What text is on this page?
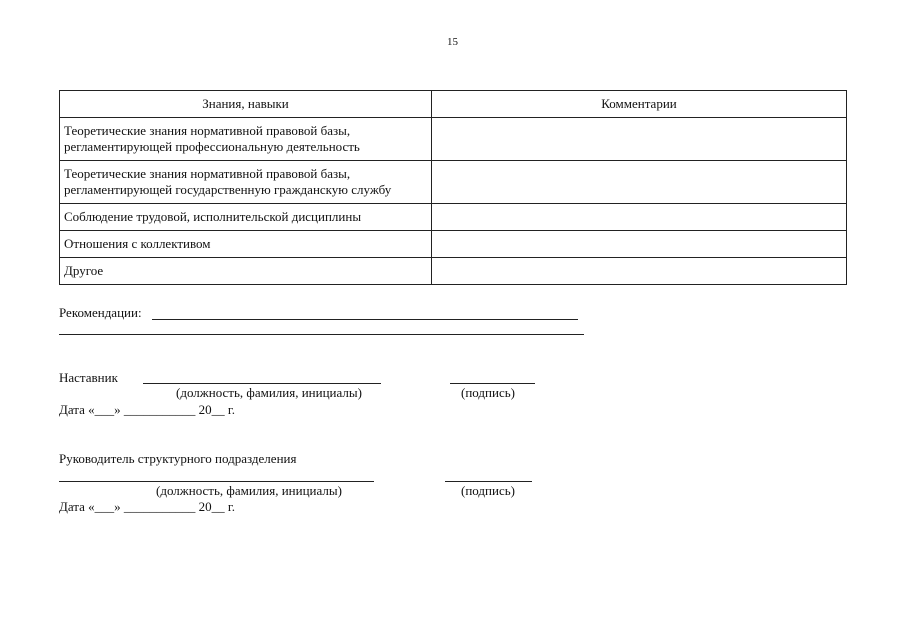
15
Знания, навыки	Комментарии
Теоретические знания нормативной правовой базы, регламентирующей профессиональную деятельность	
Теоретические знания нормативной правовой базы, регламентирующей государственную гражданскую службу	
Соблюдение трудовой, исполнительской дисциплины	
Отношения с коллективом	
Другое	
Рекомендации:
Наставник
(должность, фамилия, инициалы)	(подпись)
Дата «___» ___________ 20__ г.
Руководитель структурного подразделения
(должность, фамилия, инициалы)	(подпись)
Дата «___» ___________ 20__ г.
